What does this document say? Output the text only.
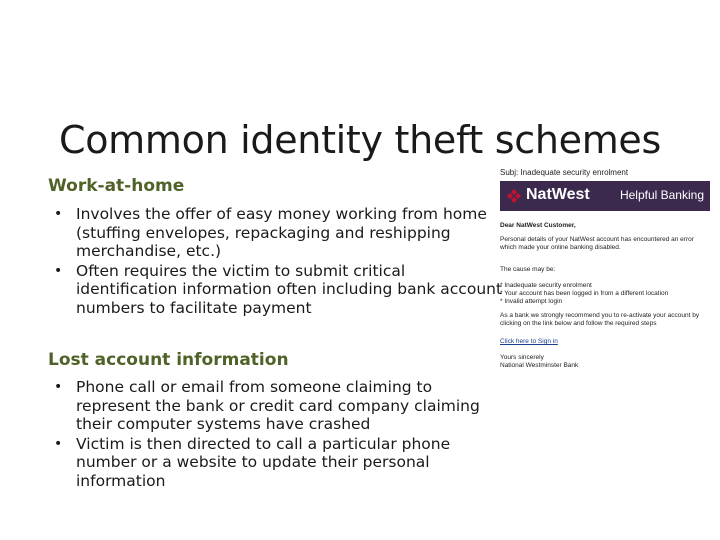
Common identity theft schemes
Work-at-home
• Involves the offer of easy money working from home (stuffing envelopes, repackaging and reshipping merchandise, etc.)
• Often requires the victim to submit critical identification information often including bank account numbers to facilitate payment
Lost account information
• Phone call or email from someone claiming to represent the bank or credit card company claiming their computer systems have crashed
• Victim is then directed to call a particular phone number or a website to update their personal information
Subj: Inadequate security enrolment
NatWest	Helpful Banking
Dear NatWest Customer,
Personal details of your NatWest account has encountered an error which made your online banking disabled.
The cause may be:
* Inadequate security enrolment
* Your account has been logged in from a different location
* Invalid attempt login
As a bank we strongly recommend you to re-activate your account by clicking on the link below and follow the required steps
Click here to Sign in
Yours sincerely
National Westminster Bank
